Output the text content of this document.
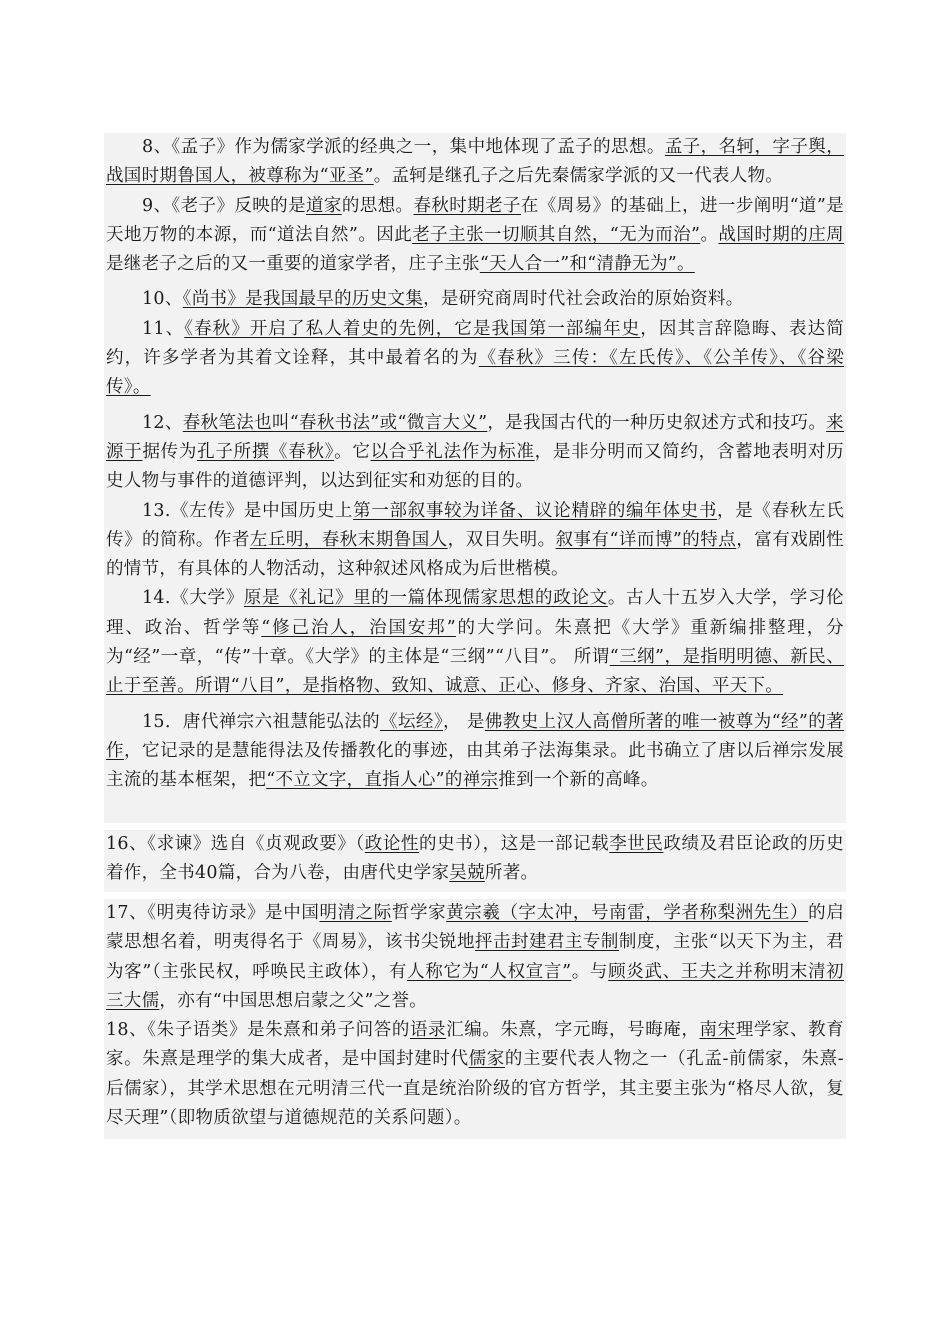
8、《孟子》作为儒家学派的经典之一，集中地体现了孟子的思想。孟子，名轲，字子舆，战国时期鲁国人，被尊称为“亚圣”。孟轲是继孔子之后先秦儒家学派的又一代表人物。

9、《老子》反映的是道家的思想。春秋时期老子在《周易》的基础上，进一步阐明“道”是天地万物的本源，而“道法自然”。因此老子主张一切顺其自然，“无为而治”。战国时期的庄周是继老子之后的又一重要的道家学者，庄子主张“天人合一”和“清静无为”。

10、《尚书》是我国最早的历史文集，是研究商周时代社会政治的原始资料。

11、《春秋》开启了私人着史的先例，它是我国第一部编年史，因其言辞隐晦、表达简约，许多学者为其着文诠释，其中最着名的为《春秋》三传：《左氏传》、《公羊传》、《谷梁传》。

12、春秋笔法也叫“春秋书法”或“微言大义”，是我国古代的一种历史叙述方式和技巧。来源于据传为孔子所撰《春秋》。它以合乎礼法作为标准，是非分明而又简约，含蓄地表明对历史人物与事件的道德评判，以达到征实和劝惩的目的。

13.《左传》是中国历史上第一部叙事较为详备、议论精辟的编年体史书，是《春秋左氏传》的简称。作者左丘明，春秋末期鲁国人，双目失明。叙事有“详而博”的特点，富有戏剧性的情节，有具体的人物活动，这种叙述风格成为后世楷模。

14.《大学》原是《礼记》里的一篇体现儒家思想的政论文。古人十五岁入大学，学习伦理、政治、哲学等“修己治人，治国安邦”的大学问。朱熹把《大学》重新编排整理，分为“经”一章，“传”十章。《大学》的主体是“三纲”“八目”。 所谓“三纲”，是指明明德、新民、止于至善。所谓“八目”，是指格物、致知、诚意、正心、修身、齐家、治国、平天下。

15．唐代禅宗六祖慧能弘法的《坛经》， 是佛教史上汉人高僧所著的唯一被尊为“经”的著作，它记录的是慧能得法及传播教化的事迹，由其弟子法海集录。此书确立了唐以后禅宗发展主流的基本框架，把“不立文字，直指人心”的禅宗推到一个新的高峰。

16、《求谏》选自《贞观政要》（政论性的史书），这是一部记载李世民政绩及君臣论政的历史着作，全书40篇，合为八卷，由唐代史学家吴兢所著。

17、《明夷待访录》是中国明清之际哲学家黄宗羲（字太冲，号南雷，学者称梨洲先生）的启蒙思想名着，明夷得名于《周易》，该书尖锐地抨击封建君主专制制度，主张“以天下为主，君为客”（主张民权，呼唤民主政体），有人称它为“人权宣言”。与顾炎武、王夫之并称明末清初三大儒，亦有“中国思想启蒙之父”之誉。

18、《朱子语类》是朱熹和弟子问答的语录汇编。朱熹，字元晦，号晦庵，南宋理学家、教育家。朱熹是理学的集大成者，是中国封建时代儒家的主要代表人物之一（孔孟-前儒家，朱熹-后儒家），其学术思想在元明清三代一直是统治阶级的官方哲学，其主要主张为“格尽人欲，复尽天理”（即物质欲望与道德规范的关系问题）。
